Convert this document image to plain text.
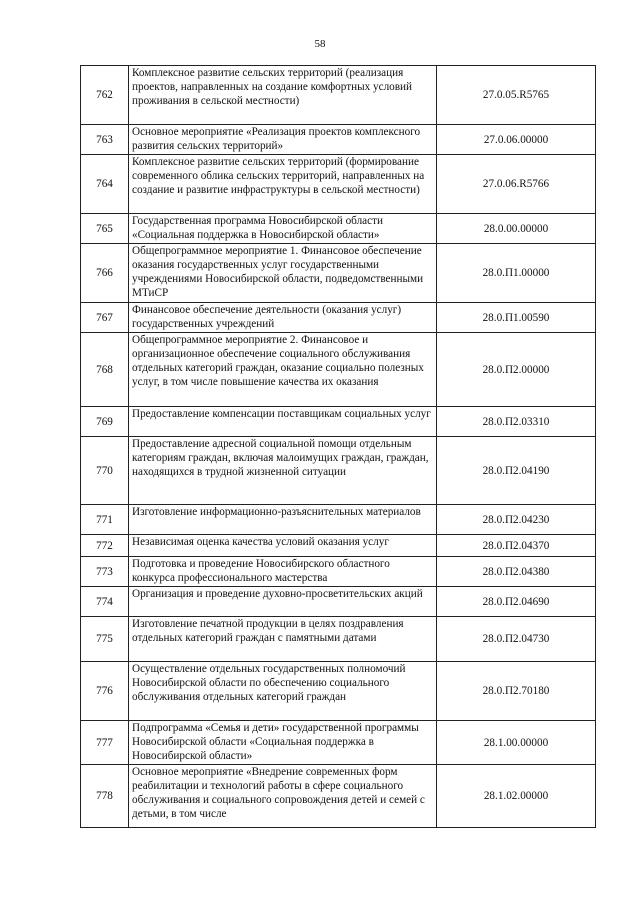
58
762	Комплексное развитие сельских территорий (реализация проектов, направленных на создание комфортных условий проживания в сельской местности)	27.0.05.R5765
763	Основное мероприятие «Реализация проектов комплексного развития сельских территорий»	27.0.06.00000
764	Комплексное развитие сельских территорий (формирование современного облика сельских территорий, направленных на создание и развитие инфраструктуры в сельской местности)	27.0.06.R5766
765	Государственная программа Новосибирской области «Социальная поддержка в Новосибирской области»	28.0.00.00000
766	Общепрограммное мероприятие 1. Финансовое обеспечение оказания государственных услуг государственными учреждениями Новосибирской области, подведомственными МТиСР	28.0.П1.00000
767	Финансовое обеспечение деятельности (оказания услуг) государственных учреждений	28.0.П1.00590
768	Общепрограммное мероприятие 2. Финансовое и организационное обеспечение социального обслуживания отдельных категорий граждан, оказание социально полезных услуг, в том числе повышение качества их оказания	28.0.П2.00000
769	Предоставление компенсации поставщикам социальных услуг	28.0.П2.03310
770	Предоставление адресной социальной помощи отдельным категориям граждан, включая малоимущих граждан, граждан, находящихся в трудной жизненной ситуации	28.0.П2.04190
771	Изготовление информационно-разъяснительных материалов	28.0.П2.04230
772	Независимая оценка качества условий оказания услуг	28.0.П2.04370
773	Подготовка и проведение Новосибирского областного конкурса профессионального мастерства	28.0.П2.04380
774	Организация и проведение духовно-просветительских акций	28.0.П2.04690
775	Изготовление печатной продукции в целях поздравления отдельных категорий граждан с памятными датами	28.0.П2.04730
776	Осуществление отдельных государственных полномочий Новосибирской области по обеспечению социального обслуживания отдельных категорий граждан	28.0.П2.70180
777	Подпрограмма «Семья и дети» государственной программы Новосибирской области «Социальная поддержка в Новосибирской области»	28.1.00.00000
778	Основное мероприятие «Внедрение современных форм реабилитации и технологий работы в сфере социального обслуживания и социального сопровождения детей и семей с детьми, в том числе	28.1.02.00000
